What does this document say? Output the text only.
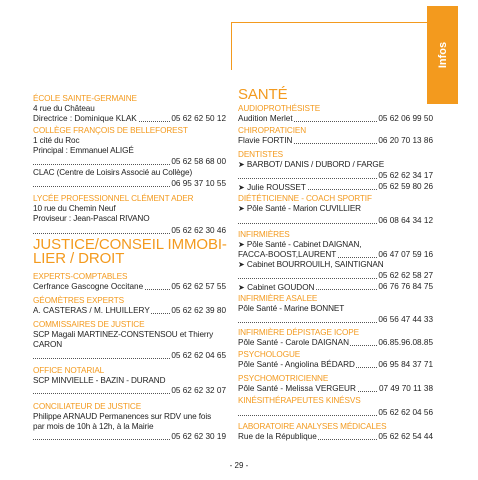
Infos
ÉCOLE SAINTE-GERMAINE
4 rue du Château
Directrice : Dominique KLAK	05 62 62 50 12
COLLÈGE FRANÇOIS DE BELLEFOREST
1 cité du Roc
Principal : Emmanuel ALIGÉ
05 62 58 68 00
CLAC (Centre de Loisirs Associé au Collège)
06 95 37 10 55
LYCÉE PROFESSIONNEL CLÉMENT ADER
10 rue du Chemin Neuf
Proviseur : Jean-Pascal RIVANO
05 62 62 30 46
JUSTICE/CONSEIL IMMOBI-
LIER / DROIT
EXPERTS-COMPTABLES
Cerfrance Gascogne Occitane	05 62 62 57 55
GÉOMÈTRES EXPERTS
A. CASTERAS / M. LHUILLERY	05 62 62 39 80
COMMISSAIRES DE JUSTICE
SCP Magali MARTINEZ-CONSTENSOU et Thierry
CARON
05 62 62 04 65
OFFICE NOTARIAL
SCP MINVIELLE - BAZIN - DURAND
05 62 62 32 07
CONCILIATEUR DE JUSTICE
Philippe ARNAUD Permanences sur RDV une fois
par mois de 10h à 12h, à la Mairie
05 62 62 30 19
SANTÉ
AUDIOPROTHÉSISTE
Audition Merlet	05 62 06 99 50
CHIROPRATICIEN
Flavie FORTIN	06 20 70 13 86
DENTISTES
➤ BARBOT/ DANIS / DUBORD / FARGE
05 62 62 34 17
➤ Julie ROUSSET	05 62 59 80 26
DIÉTÉTICIENNE - COACH SPORTIF
➤ Pôle Santé - Marion CUVILLIER
06 08 64 34 12
INFIRMIÈRES
➤ Pôle Santé - Cabinet DAIGNAN,
FACCA-BOOST,LAURENT	06 47 07 59 16
➤ Cabinet BOURROUILH, SAINTIGNAN
05 62 62 58 27
➤ Cabinet GOUDON	06 76 76 84 75
INFIRMIÈRE ASALEE
Pôle Santé - Marine BONNET
06 56 47 44 33
INFIRMIÈRE DÉPISTAGE ICOPE
Pôle Santé - Carole DAIGNAN	06.85.96.08.85
PSYCHOLOGUE
Pôle Santé - Angiolina BÉDARD	06 95 84 37 71
PSYCHOMOTRICIENNE
Pôle Santé - Melissa VERGEUR	07 49 70 11 38
KINÉSITHÉRAPEUTES KINÉSVS
05 62 62 04 56
LABORATOIRE ANALYSES MÉDICALES
Rue de la République	05 62 62 54 44
- 29 -
